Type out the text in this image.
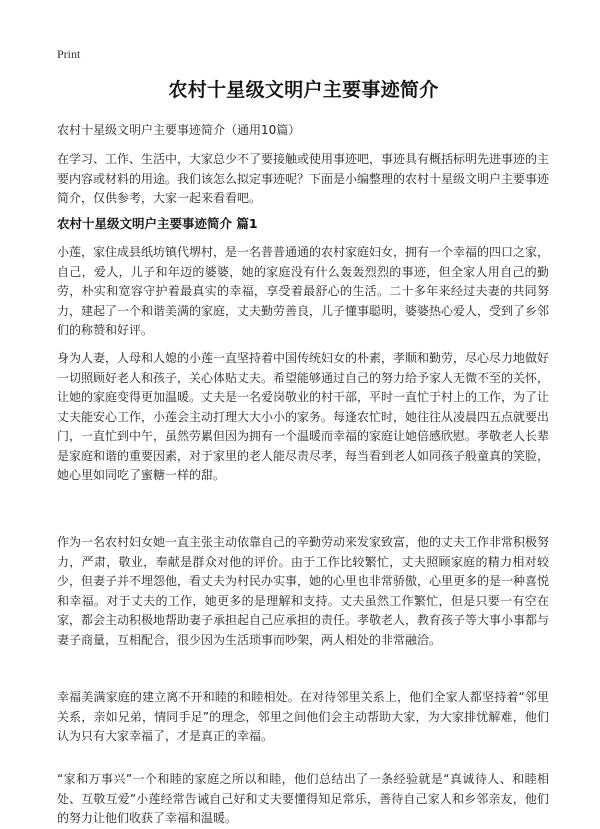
Print
农村十星级文明户主要事迹简介
农村十星级文明户主要事迹简介（通用10篇）

在学习、工作、生活中，大家总少不了要接触或使用事迹吧，事迹具有概括标明先进事迹的主要内容或材料的用途。我们该怎么拟定事迹呢？下面是小编整理的农村十星级文明户主要事迹简介，仅供参考，大家一起来看看吧。

农村十星级文明户主要事迹简介 篇1

小莲，家住成县纸坊镇代堺村，是一名普普通通的农村家庭妇女，拥有一个幸福的四口之家，自己，爱人，儿子和年迈的婆婆，她的家庭没有什么轰轰烈烈的事迹，但全家人用自己的勤劳，朴实和宽容守护着最真实的幸福，享受着最舒心的生活。二十多年来经过夫妻的共同努力，建起了一个和谐美满的家庭，丈夫勤劳善良，儿子懂事聪明，婆婆热心爱人，受到了乡邻们的称赞和好评。

身为人妻，人母和人媳的小莲一直坚持着中国传统妇女的朴素，孝顺和勤劳，尽心尽力地做好一切照顾好老人和孩子，关心体贴丈夫。希望能够通过自己的努力给予家人无微不至的关怀，让她的家庭变得更加温暖。丈夫是一名爱岗敬业的村干部，平时一直忙于村上的工作，为了让丈夫能安心工作，小莲会主动打理大大小小的家务。每逢农忙时，她往往从凌晨四五点就要出门，一直忙到中午，虽然劳累但因为拥有一个温暖而幸福的家庭让她倍感欣慰。孝敬老人长辈是家庭和谐的重要因素，对于家里的老人能尽责尽孝，每当看到老人如同孩子般童真的笑脸，她心里如同吃了蜜糖一样的甜。

作为一名农村妇女她一直主张主动依靠自己的辛勤劳动来发家致富，他的丈夫工作非常积极努力，严肃，敬业，奉献是群众对他的评价。由于工作比较繁忙，丈夫照顾家庭的精力相对较少，但妻子并不埋怨他，看丈夫为村民办实事，她的心里也非常骄傲，心里更多的是一种喜悦和幸福。对于丈夫的工作，她更多的是理解和支持。丈夫虽然工作繁忙，但是只要一有空在家，都会主动积极地帮助妻子承担起自己应承担的责任。孝敬老人，教育孩子等大事小事都与妻子商量，互相配合，很少因为生活琐事而吵架，两人相处的非常融洽。

幸福美满家庭的建立离不开和睦的和睦相处。在对待邻里关系上，他们全家人都坚持着“邻里关系，亲如兄弟，情同手足”的理念，邻里之间他们会主动帮助大家，为大家排忧解难，他们认为只有大家幸福了，才是真正的幸福。

“家和万事兴”一个和睦的家庭之所以和睦，他们总结出了一条经验就是“真诚待人、和睦相处、互敬互爱”小莲经常告诫自己好和丈夫要懂得知足常乐，善待自己家人和乡邻亲友，他们的努力让他们收获了幸福和温暖。
